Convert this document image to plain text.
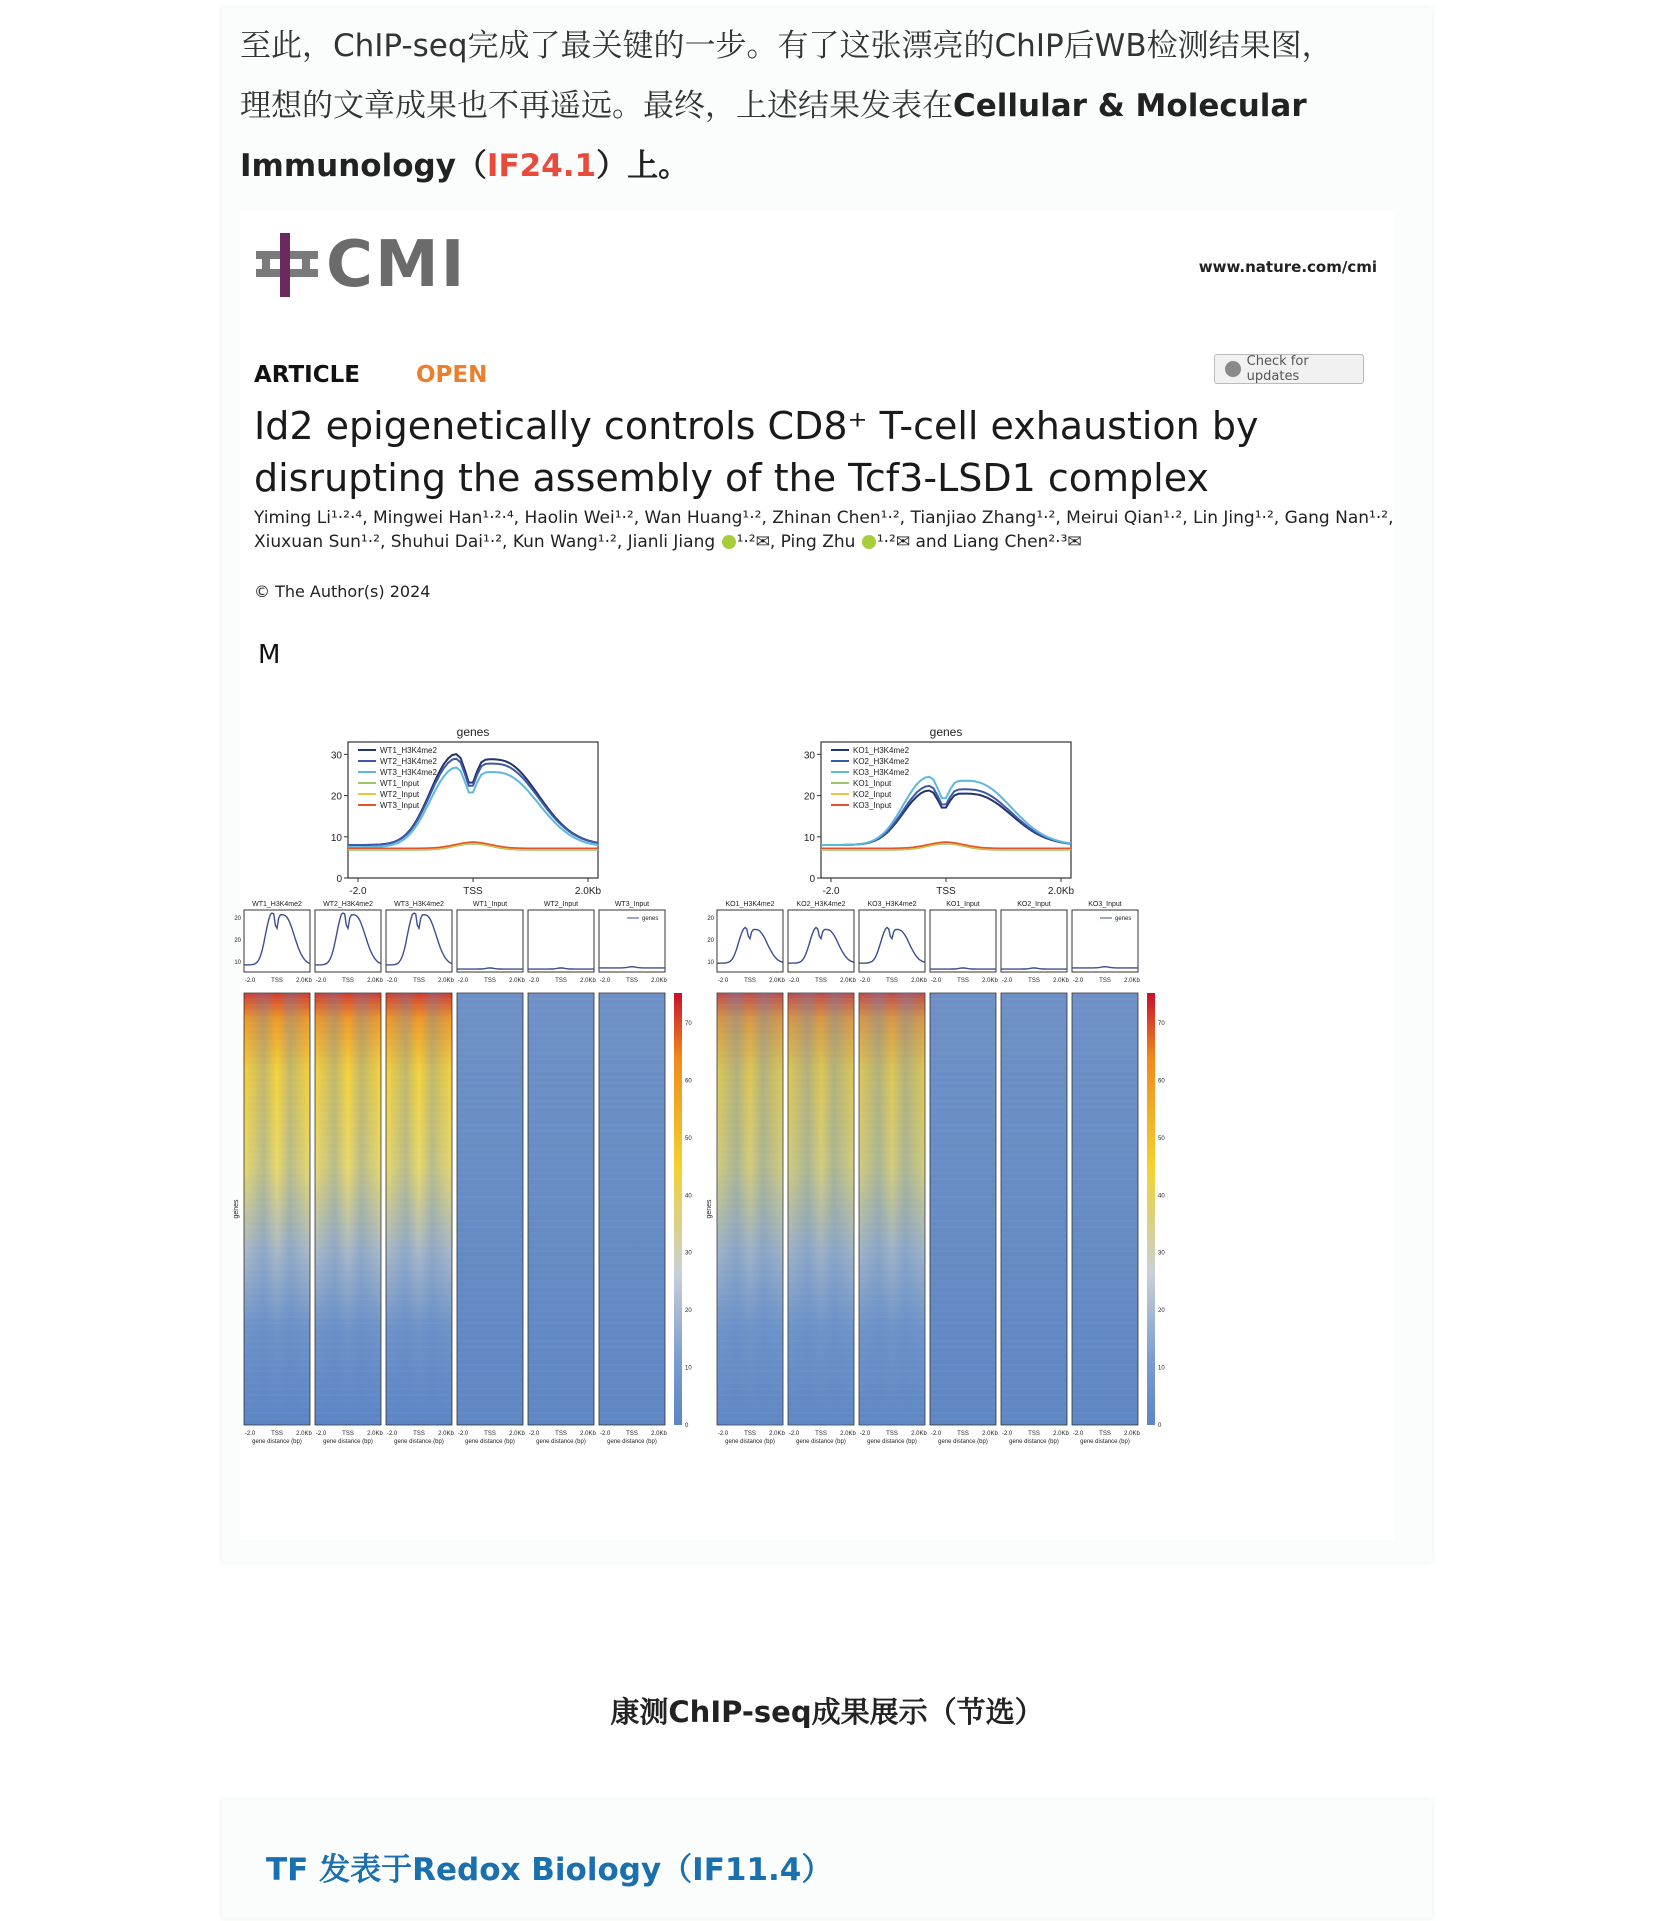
至此，ChIP-seq完成了最关键的一步。有了这张漂亮的ChIP后WB检测结果图，
理想的文章成果也不再遥远。最终，上述结果发表在Cellular & Molecular
Immunology（IF24.1）上。
CMI	www.nature.com/cmi
ARTICLE OPEN
Check for updates
Id2 epigenetically controls CD8⁺ T-cell exhaustion by disrupting the assembly of the Tcf3-LSD1 complex
Yiming Li¹·²·⁴, Mingwei Han¹·²·⁴, Haolin Wei¹·², Wan Huang¹·², Zhinan Chen¹·², Tianjiao Zhang¹·², Meirui Qian¹·², Lin Jing¹·², Gang Nan¹·²,
Xiuxuan Sun¹·², Shuhui Dai¹·², Kun Wang¹·², Jianli Jiang ¹·²✉, Ping Zhu ¹·²✉ and Liang Chen²·³✉
© The Author(s) 2024
M
genes
30
20
10
0
-2.0	TSS	2.0Kb
WT1_H3K4me2
WT2_H3K4me2
WT3_H3K4me2
WT1_Input
WT2_Input
WT3_Input
WT1_H3K4me2
-2.0	TSS 2.0Kb
20
20
10
WT2_H3K4me2
-2.0	TSS 2.0Kb
WT3_H3K4me2
-2.0	TSS 2.0Kb
WT1_Input
-2.0	TSS 2.0Kb
WT2_Input
-2.0	TSS 2.0Kb
WT3_Input
-2.0	TSS 2.0Kb
genes
-2.0	TSS 2.0Kb
gene distance (bp)
-2.0	TSS 2.0Kb
gene distance (bp)
-2.0	TSS 2.0Kb
gene distance (bp)
-2.0	TSS 2.0Kb
gene distance (bp)
-2.0	TSS 2.0Kb
gene distance (bp)
-2.0	TSS 2.0Kb
gene distance (bp)
genes
70
60
50
40
30
20
10
0
genes
30
20
10
0
-2.0	TSS	2.0Kb
KO1_H3K4me2
KO2_H3K4me2
KO3_H3K4me2
KO1_Input
KO2_Input
KO3_Input
KO1_H3K4me2
-2.0	TSS 2.0Kb
20
20
10
KO2_H3K4me2
-2.0	TSS 2.0Kb
KO3_H3K4me2
-2.0	TSS 2.0Kb
KO1_Input
-2.0	TSS 2.0Kb
KO2_Input
-2.0	TSS 2.0Kb
KO3_Input
-2.0	TSS 2.0Kb
genes
-2.0	TSS 2.0Kb
gene distance (bp)
-2.0	TSS 2.0Kb
gene distance (bp)
-2.0	TSS 2.0Kb
gene distance (bp)
-2.0	TSS 2.0Kb
gene distance (bp)
-2.0	TSS 2.0Kb
gene distance (bp)
-2.0	TSS 2.0Kb
gene distance (bp)
genes
70
60
50
40
30
20
10
0
康测ChIP-seq成果展示（节选）
TF 发表于Redox Biology（IF11.4）
